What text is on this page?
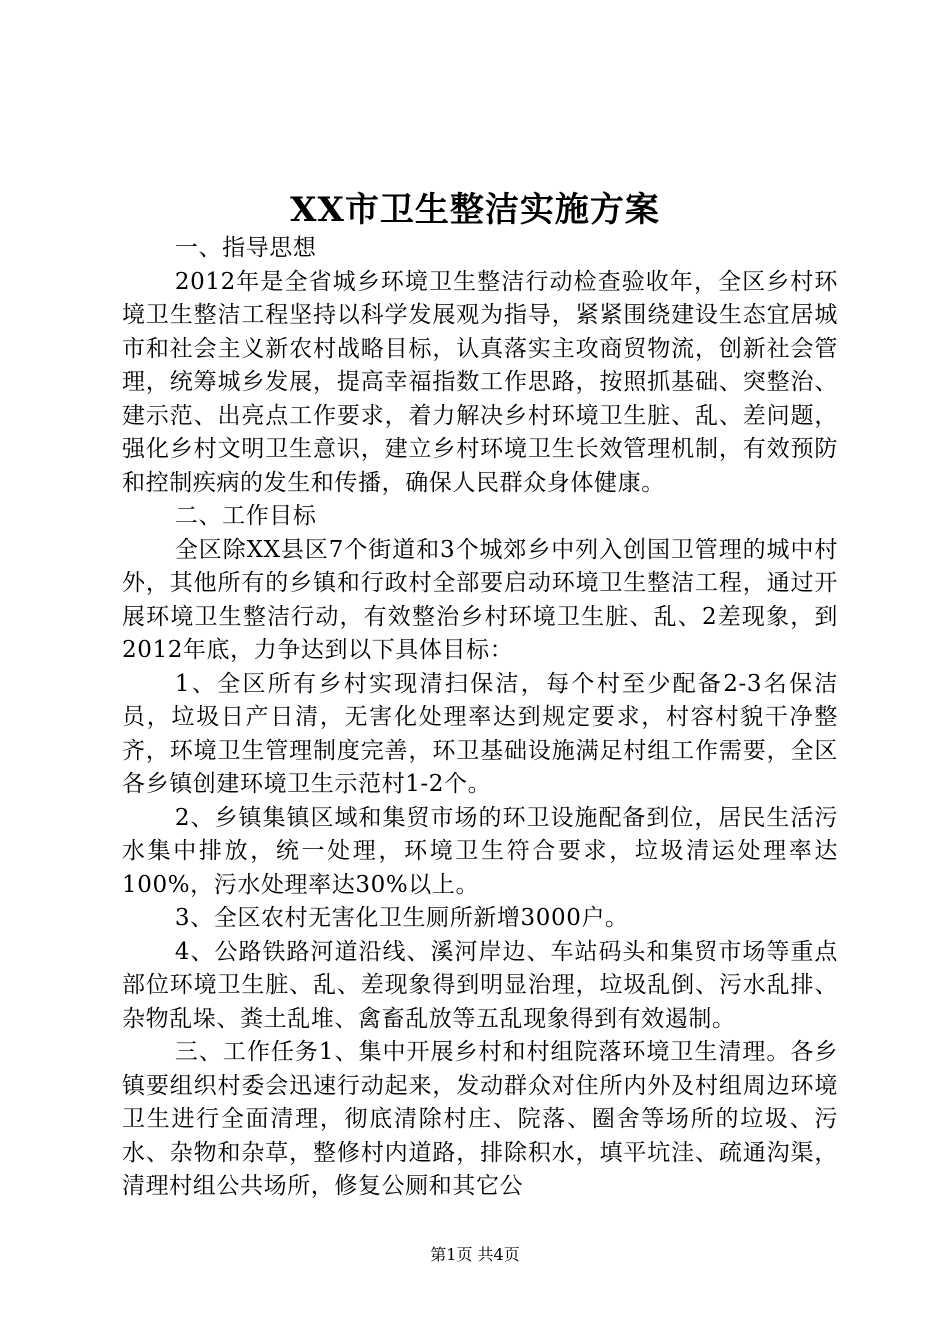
XX市卫生整洁实施方案

一、指导思想

2012年是全省城乡环境卫生整洁行动检查验收年，全区乡村环境卫生整洁工程坚持以科学发展观为指导，紧紧围绕建设生态宜居城市和社会主义新农村战略目标，认真落实主攻商贸物流，创新社会管理，统筹城乡发展，提高幸福指数工作思路，按照抓基础、突整治、建示范、出亮点工作要求，着力解决乡村环境卫生脏、乱、差问题，强化乡村文明卫生意识，建立乡村环境卫生长效管理机制，有效预防和控制疾病的发生和传播，确保人民群众身体健康。

二、工作目标

全区除XX县区7个街道和3个城郊乡中列入创国卫管理的城中村外，其他所有的乡镇和行政村全部要启动环境卫生整洁工程，通过开展环境卫生整洁行动，有效整治乡村环境卫生脏、乱、2差现象，到2012年底，力争达到以下具体目标：

1、全区所有乡村实现清扫保洁，每个村至少配备2-3名保洁员，垃圾日产日清，无害化处理率达到规定要求，村容村貌干净整齐，环境卫生管理制度完善，环卫基础设施满足村组工作需要，全区各乡镇创建环境卫生示范村1-2个。

2、乡镇集镇区域和集贸市场的环卫设施配备到位，居民生活污水集中排放，统一处理，环境卫生符合要求，垃圾清运处理率达100%，污水处理率达30%以上。

3、全区农村无害化卫生厕所新增3000户。

4、公路铁路河道沿线、溪河岸边、车站码头和集贸市场等重点部位环境卫生脏、乱、差现象得到明显治理，垃圾乱倒、污水乱排、杂物乱垛、粪土乱堆、禽畜乱放等五乱现象得到有效遏制。

三、工作任务1、集中开展乡村和村组院落环境卫生清理。各乡镇要组织村委会迅速行动起来，发动群众对住所内外及村组周边环境卫生进行全面清理，彻底清除村庄、院落、圈舍等场所的垃圾、污水、杂物和杂草，整修村内道路，排除积水，填平坑洼、疏通沟渠，清理村组公共场所，修复公厕和其它公

第1页 共4页
